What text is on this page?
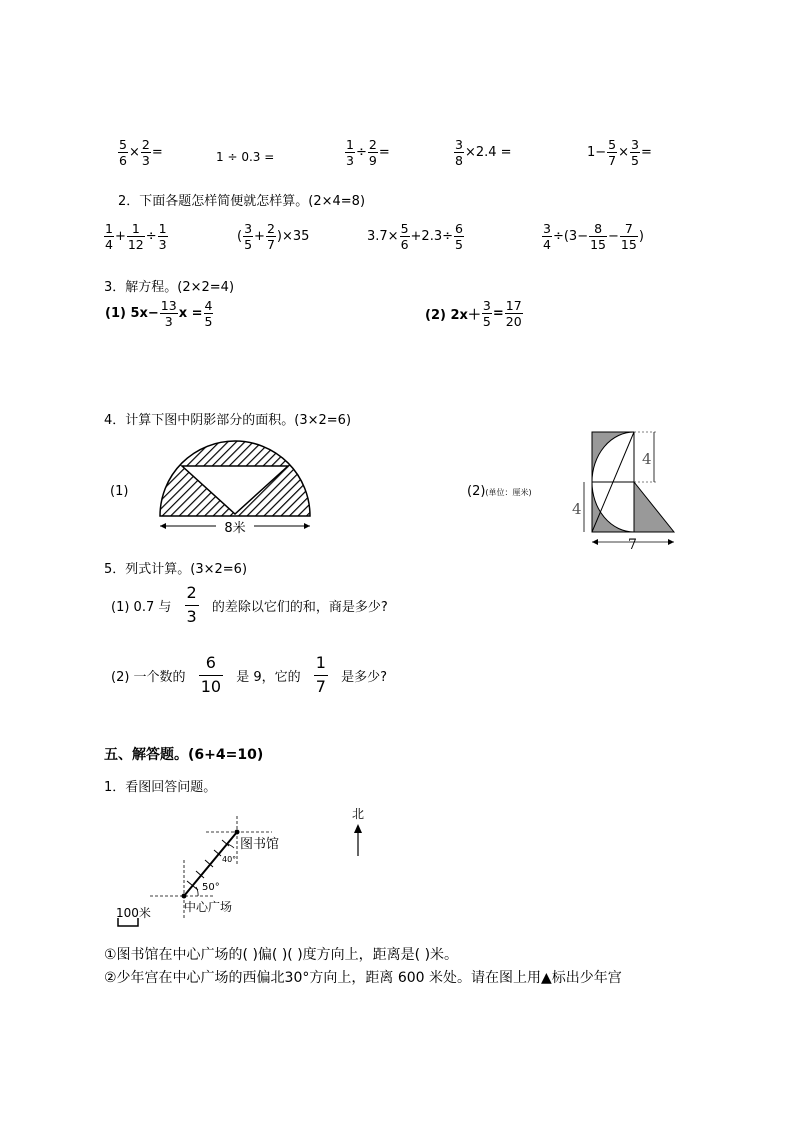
$\frac{5}{6} \times \frac{2}{3}$ =	1 ÷ 0.3 =	$\frac{1}{3} \div \frac{2}{9}$ =	$\frac{3}{8} \times 2.4$ =	$1- \frac{5}{7} \times \frac{3}{5}$ =
2．下面各题怎样简便就怎样算。(2×4=8)
$\frac{1}{4} + \frac{1}{12} \div \frac{1}{3}$	( $\frac{3}{5} + \frac{2}{7} )\times 35$	$3.7\times \frac{5}{6} +2.3\div \frac{6}{5}$	$\frac{3}{4} \div(3- \frac{8}{15} - \frac{7}{15}$ )
3．解方程。(2×2=4)
(1) $5x- \frac{13}{3}$ $x = \frac{4}{5}$	(2) $2x+ \frac{3}{5} = \frac{17}{20}$
4．计算下图中阴影部分的面积。(3×2=6)
(1)
8米
(2)(单位：厘米)
4
4
7
5．列式计算。(3×2=6)
(1) 0.7 与 $\frac{2}{3}$ 的差除以它们的和，商是多少?
(2) 一个数的 $\frac{6}{10}$ 是 9，它的 $\frac{1}{7}$ 是多少?
五、解答题。(6+4=10)
1．看图回答问题。
北
图书馆
40°
50°
中心广场
100米
①图书馆在中心广场的( )偏( )( )度方向上，距离是( )米。
②少年宫在中心广场的西偏北30°方向上，距离 600 米处。请在图上用▲标出少年宫
